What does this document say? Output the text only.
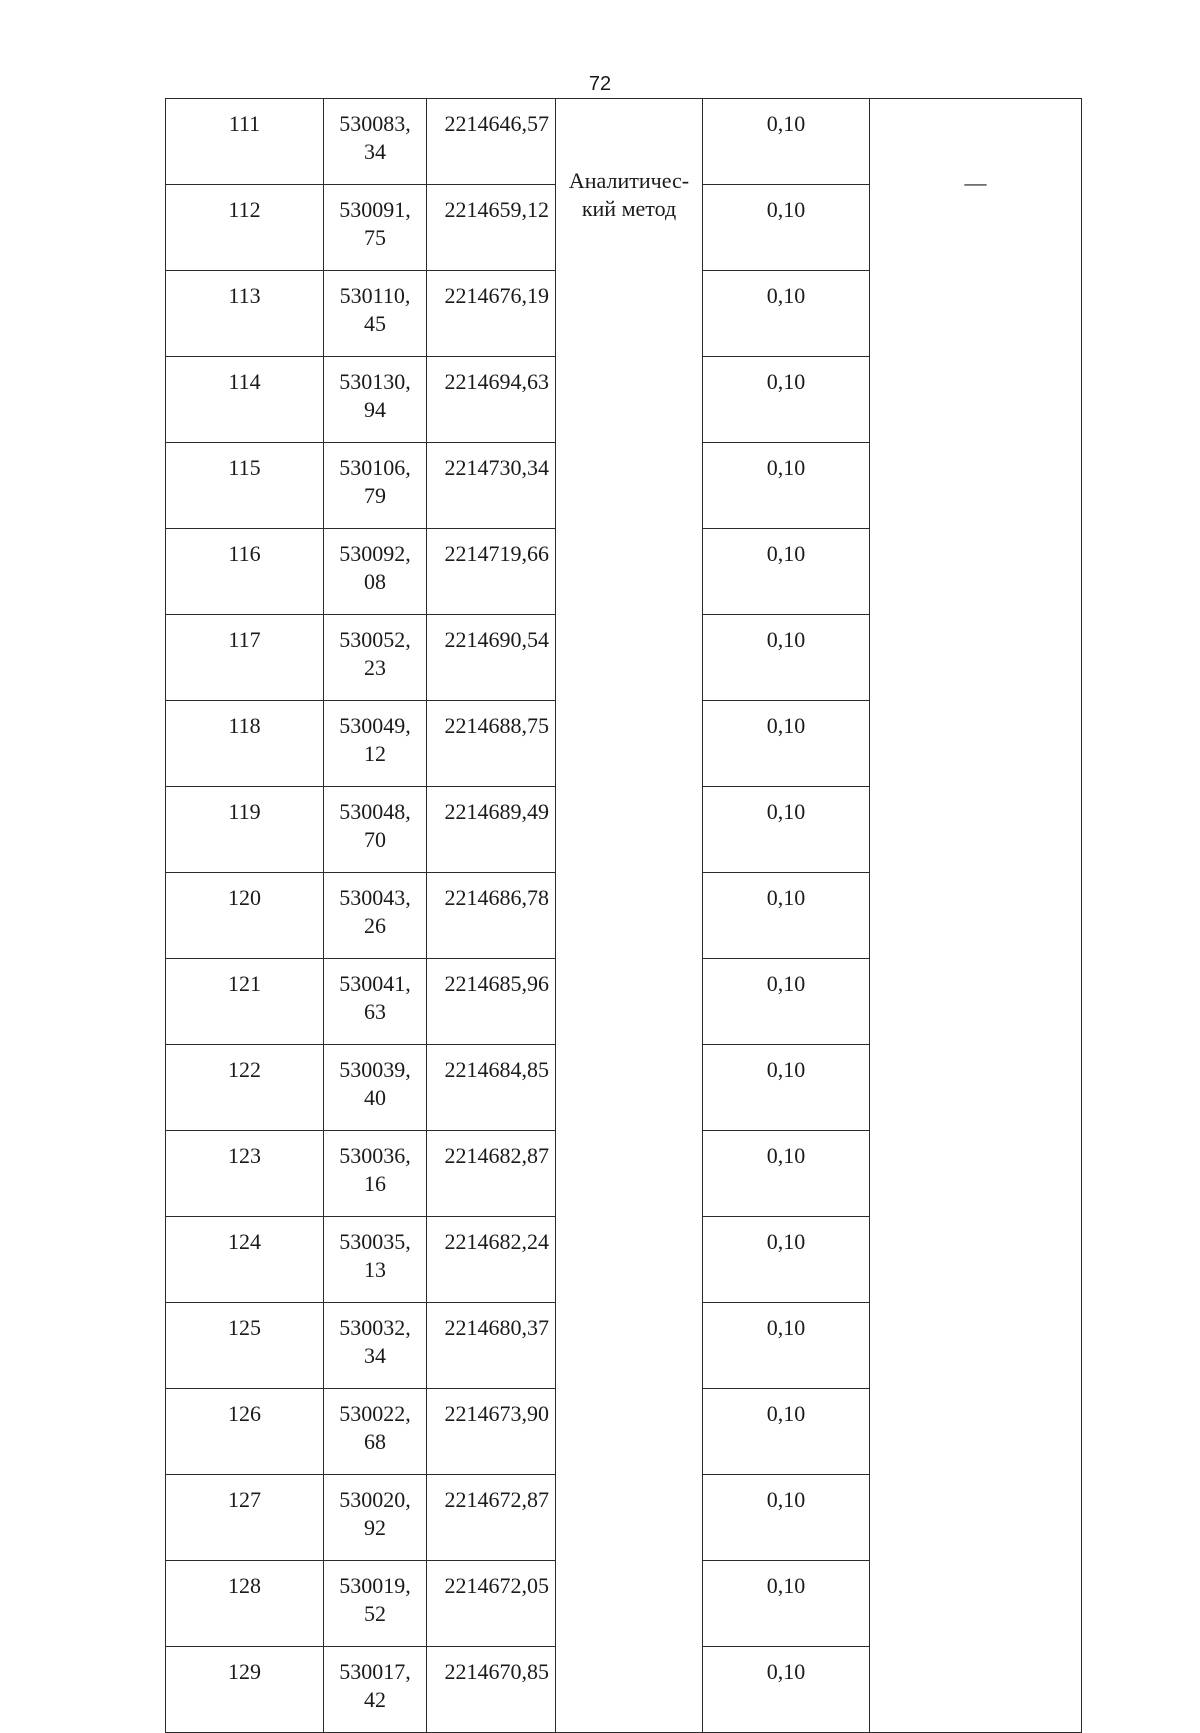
72
111	530083,
34	2214646,57	Аналитичес-
кий метод	0,10	—
112	530091,
75	2214659,12		0,10	
113	530110,
45	2214676,19		0,10	
114	530130,
94	2214694,63		0,10	
115	530106,
79	2214730,34		0,10	
116	530092,
08	2214719,66		0,10	
117	530052,
23	2214690,54		0,10	
118	530049,
12	2214688,75		0,10	
119	530048,
70	2214689,49		0,10	
120	530043,
26	2214686,78		0,10	
121	530041,
63	2214685,96		0,10	
122	530039,
40	2214684,85		0,10	
123	530036,
16	2214682,87		0,10	
124	530035,
13	2214682,24		0,10	
125	530032,
34	2214680,37		0,10	
126	530022,
68	2214673,90		0,10	
127	530020,
92	2214672,87		0,10	
128	530019,
52	2214672,05		0,10	
129	530017,
42	2214670,85		0,10	
